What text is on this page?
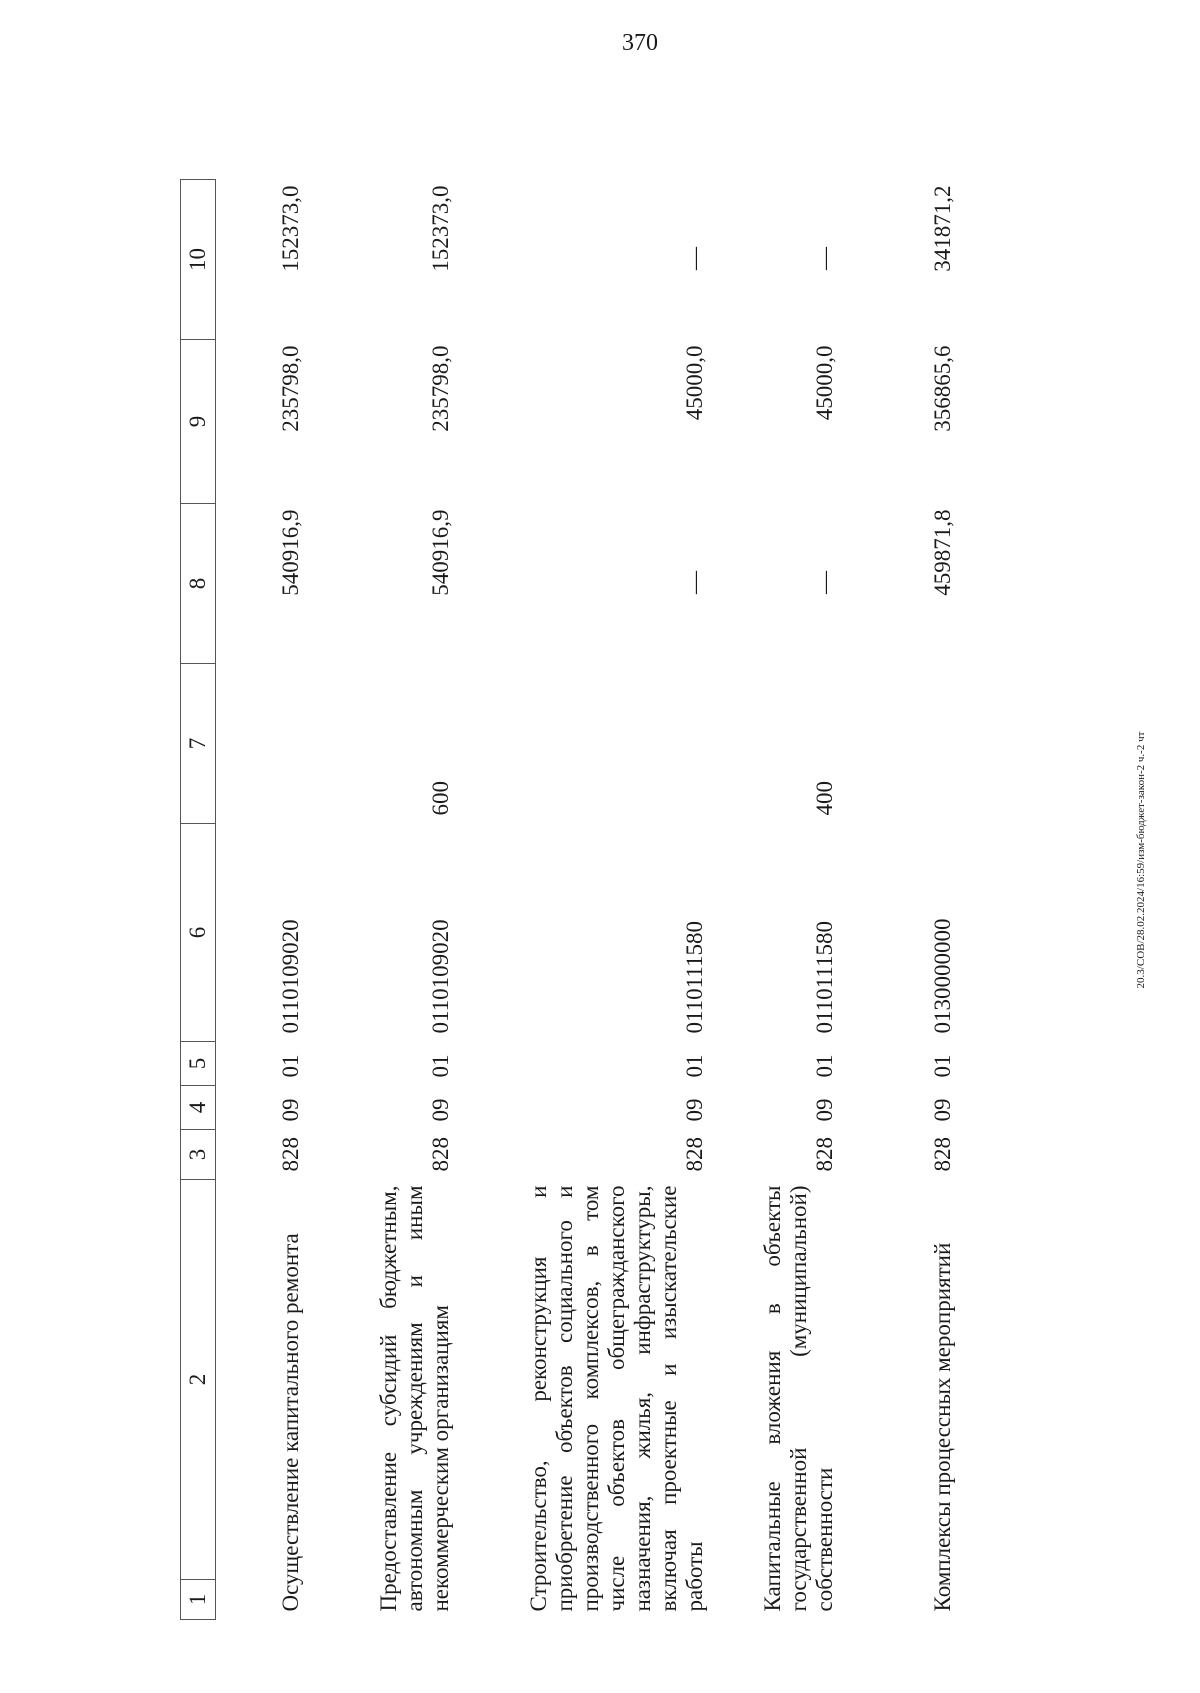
370
1	2	3	4	5	6	7	8	9	10
Осуществление капитального ремонта		828	09	01	0110109020		540916,9	235798,0	152373,0
Предоставление субсидий бюджетным, автономным учреждениям и иным некоммерческим организациям		828	09	01	0110109020	600	540916,9	235798,0	152373,0
Строительство, реконструкция и приобретение объектов социального и производственного комплексов, в том числе объектов общегражданского назначения, жилья, инфраструктуры, включая проектные и изыскательские работы		828	09	01	0110111580		—	45000,0	—
Капитальные вложения в объекты государственной (муниципальной) собственности		828	09	01	0110111580	400	—	45000,0	—
Комплексы процессных мероприятий		828	09	01	0130000000		459871,8	356865,6	341871,2
20.3/СОВ/28.02.2024/16:59/изм-бюджет-закон-2 ч.-2 чт
